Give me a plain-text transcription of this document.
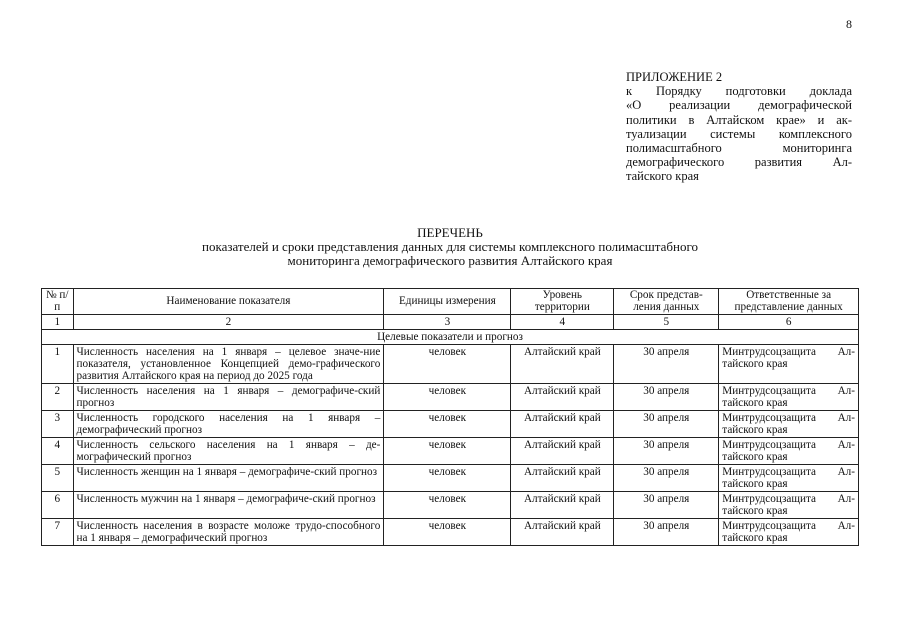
8
ПРИЛОЖЕНИЕ 2
к Порядку подготовки доклада
«О реализации демографической
политики в Алтайском крае» и ак-
туализации системы комплексного
полимасштабного мониторинга
демографического развития Ал-
тайского края
ПЕРЕЧЕНЬ
показателей и сроки представления данных для системы комплексного полимасштабного
мониторинга демографического развития Алтайского края
№ п/п	Наименование показателя	Единицы измерения	Уровень территории	Срок представ-ления данных	Ответственные за представление данных
1	2	3	4	5	6
Целевые показатели и прогноз					
1	Численность населения на 1 января – целевое значе-ние показателя, установленное Концепцией демо-графического развития Алтайского края на период до 2025 года	человек	Алтайский край	30 апреля	Минтрудсоцзащита Ал-тайского края
2	Численность населения на 1 января – демографиче-ский прогноз	человек	Алтайский край	30 апреля	Минтрудсоцзащита Ал-тайского края
3	Численность городского населения на 1 января – демографический прогноз	человек	Алтайский край	30 апреля	Минтрудсоцзащита Ал-тайского края
4	Численность сельского населения на 1 января – де-мографический прогноз	человек	Алтайский край	30 апреля	Минтрудсоцзащита Ал-тайского края
5	Численность женщин на 1 января – демографиче-ский прогноз	человек	Алтайский край	30 апреля	Минтрудсоцзащита Ал-тайского края
6	Численность мужчин на 1 января – демографиче-ский прогноз	человек	Алтайский край	30 апреля	Минтрудсоцзащита Ал-тайского края
7	Численность населения в возрасте моложе трудо-способного на 1 января – демографический прогноз	человек	Алтайский край	30 апреля	Минтрудсоцзащита Ал-тайского края
